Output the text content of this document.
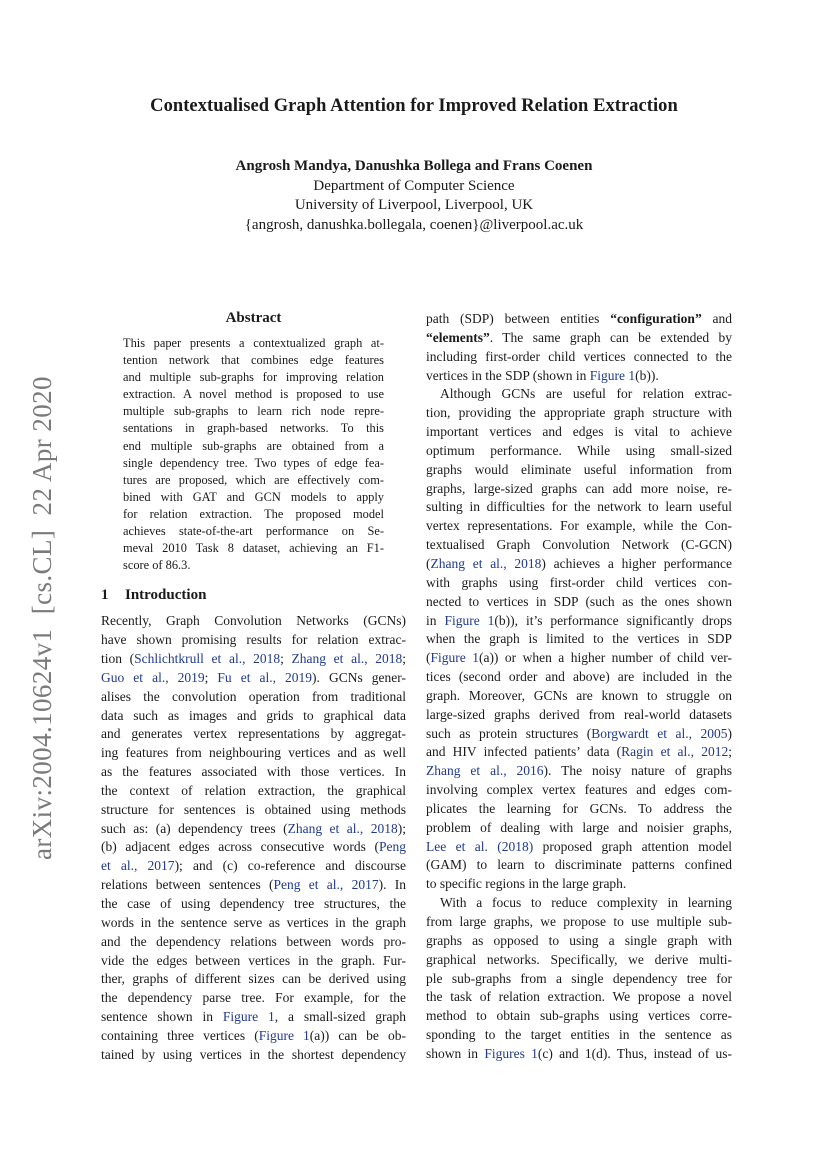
Contextualised Graph Attention for Improved Relation Extraction
Angrosh Mandya, Danushka Bollega and Frans Coenen
Department of Computer Science
University of Liverpool, Liverpool, UK
{angrosh, danushka.bollegala, coenen}@liverpool.ac.uk
arXiv:2004.10624v1  [cs.CL]  22 Apr 2020
Abstract
This paper presents a contextualized graph at-
tention network that combines edge features
and multiple sub-graphs for improving relation
extraction. A novel method is proposed to use
multiple sub-graphs to learn rich node repre-
sentations in graph-based networks. To this
end multiple sub-graphs are obtained from a
single dependency tree. Two types of edge fea-
tures are proposed, which are effectively com-
bined with GAT and GCN models to apply
for relation extraction. The proposed model
achieves state-of-the-art performance on Se-
meval 2010 Task 8 dataset, achieving an F1-
score of 86.3.
1 Introduction

Recently, Graph Convolution Networks (GCNs)
have shown promising results for relation extrac-
tion (Schlichtkrull et al., 2018; Zhang et al., 2018;
Guo et al., 2019; Fu et al., 2019). GCNs gener-
alises the convolution operation from traditional
data such as images and grids to graphical data
and generates vertex representations by aggregat-
ing features from neighbouring vertices and as well
as the features associated with those vertices. In
the context of relation extraction, the graphical
structure for sentences is obtained using methods
such as: (a) dependency trees (Zhang et al., 2018);
(b) adjacent edges across consecutive words (Peng
et al., 2017); and (c) co-reference and discourse
relations between sentences (Peng et al., 2017). In
the case of using dependency tree structures, the
words in the sentence serve as vertices in the graph
and the dependency relations between words pro-
vide the edges between vertices in the graph. Fur-
ther, graphs of different sizes can be derived using
the dependency parse tree. For example, for the
sentence shown in Figure 1, a small-sized graph
containing three vertices (Figure 1(a)) can be ob-
tained by using vertices in the shortest dependency

path (SDP) between entities “configuration” and
“elements”. The same graph can be extended by
including first-order child vertices connected to the
vertices in the SDP (shown in Figure 1(b)).

Although GCNs are useful for relation extrac-
tion, providing the appropriate graph structure with
important vertices and edges is vital to achieve
optimum performance. While using small-sized
graphs would eliminate useful information from
graphs, large-sized graphs can add more noise, re-
sulting in difficulties for the network to learn useful
vertex representations. For example, while the Con-
textualised Graph Convolution Network (C-GCN)
(Zhang et al., 2018) achieves a higher performance
with graphs using first-order child vertices con-
nected to vertices in SDP (such as the ones shown
in Figure 1(b)), it’s performance significantly drops
when the graph is limited to the vertices in SDP
(Figure 1(a)) or when a higher number of child ver-
tices (second order and above) are included in the
graph. Moreover, GCNs are known to struggle on
large-sized graphs derived from real-world datasets
such as protein structures (Borgwardt et al., 2005)
and HIV infected patients’ data (Ragin et al., 2012;
Zhang et al., 2016). The noisy nature of graphs
involving complex vertex features and edges com-
plicates the learning for GCNs. To address the
problem of dealing with large and noisier graphs,
Lee et al. (2018) proposed graph attention model
(GAM) to learn to discriminate patterns confined
to specific regions in the large graph.

With a focus to reduce complexity in learning
from large graphs, we propose to use multiple sub-
graphs as opposed to using a single graph with
graphical networks. Specifically, we derive multi-
ple sub-graphs from a single dependency tree for
the task of relation extraction. We propose a novel
method to obtain sub-graphs using vertices corre-
sponding to the target entities in the sentence as
shown in Figures 1(c) and 1(d). Thus, instead of us-
